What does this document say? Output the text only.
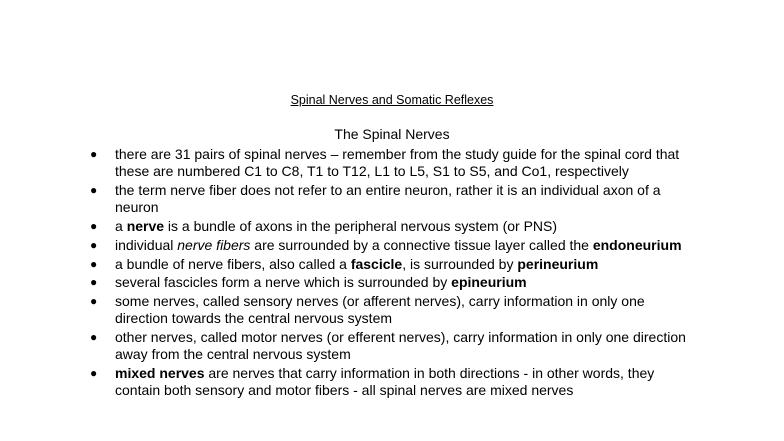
Spinal Nerves and Somatic Reflexes
The Spinal Nerves
● there are 31 pairs of spinal nerves – remember from the study guide for the spinal cord that these are numbered C1 to C8, T1 to T12, L1 to L5, S1 to S5, and Co1, respectively
● the term nerve fiber does not refer to an entire neuron, rather it is an individual axon of a neuron
● a nerve is a bundle of axons in the peripheral nervous system (or PNS)
● individual nerve fibers are surrounded by a connective tissue layer called the endoneurium
● a bundle of nerve fibers, also called a fascicle, is surrounded by perineurium
● several fascicles form a nerve which is surrounded by epineurium
● some nerves, called sensory nerves (or afferent nerves), carry information in only one direction towards the central nervous system
● other nerves, called motor nerves (or efferent nerves), carry information in only one direction away from the central nervous system
● mixed nerves are nerves that carry information in both directions - in other words, they contain both sensory and motor fibers - all spinal nerves are mixed nerves
